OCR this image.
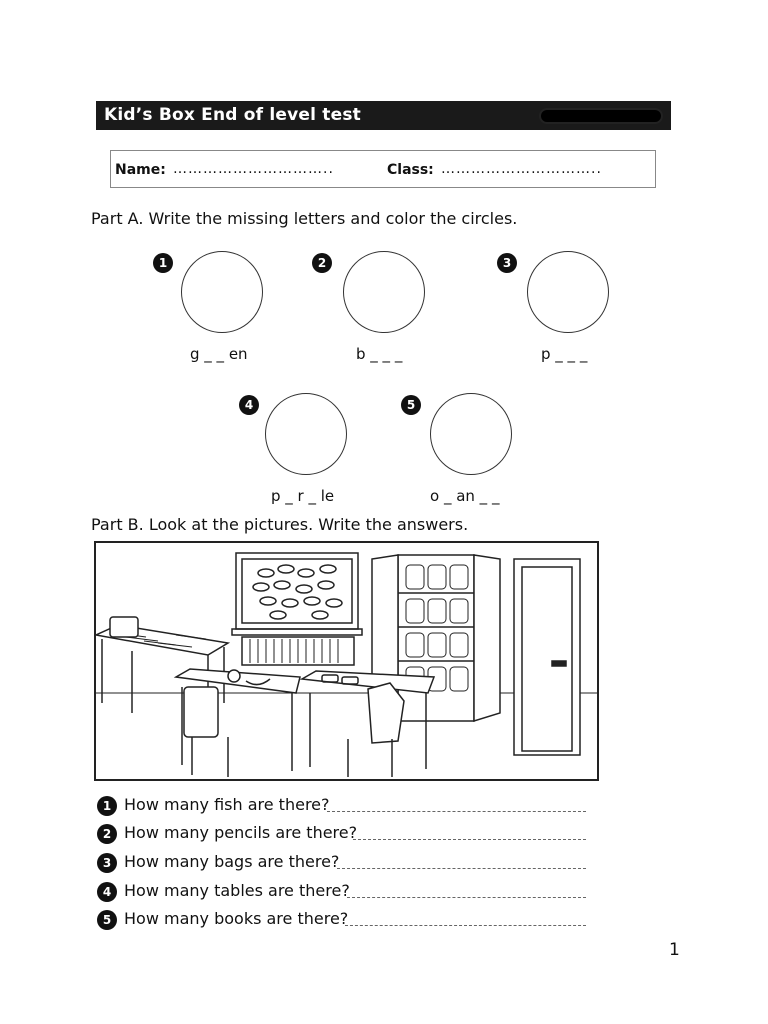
Kid’s Box End of level test
Name: …………………………..	Class: …………………………..
Part A. Write the missing letters and color the circles.
1
g _ _ en
2
b _ _ _
3
p _ _ _
4
p _ r _ le
5
o _ an _ _
Part B. Look at the pictures. Write the answers.
1 How many fish are there?
2 How many pencils are there?
3 How many bags are there?
4 How many tables are there?
5 How many books are there?
1
